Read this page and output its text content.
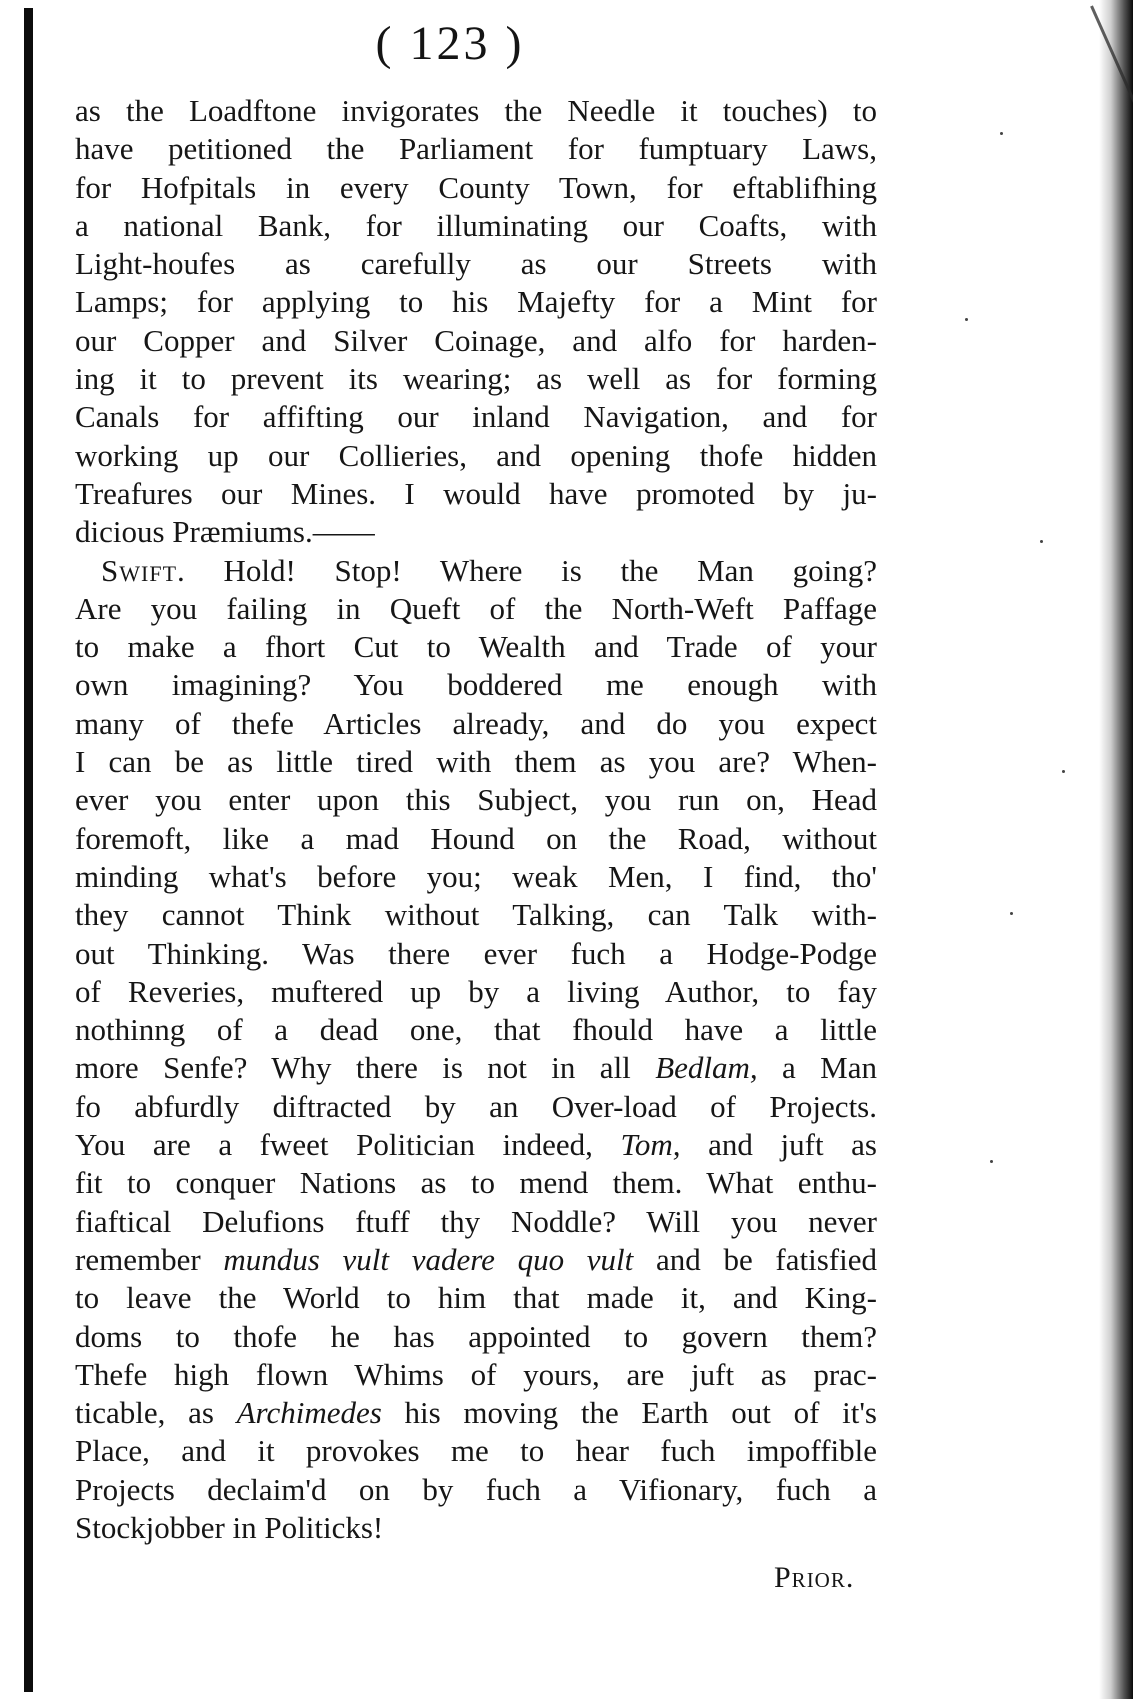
( 123 )
as the Loadftone invigorates the Needle it touches) to
have petitioned the Parliament for fumptuary Laws,
for Hofpitals in every County Town, for eftablifhing
a national Bank, for illuminating our Coafts, with
Light-houfes as carefully as our Streets with
Lamps; for applying to his Majefty for a Mint for
our Copper and Silver Coinage, and alfo for harden-
ing it to prevent its wearing; as well as for forming
Canals for affifting our inland Navigation, and for
working up our Collieries, and opening thofe hidden
Treafures our Mines. I would have promoted by ju-
dicious Præmiums.——
Swift. Hold! Stop! Where is the Man going?
Are you failing in Queft of the North-Weft Paffage
to make a fhort Cut to Wealth and Trade of your
own imagining? You boddered me enough with
many of thefe Articles already, and do you expect
I can be as little tired with them as you are? When-
ever you enter upon this Subject, you run on, Head
foremoft, like a mad Hound on the Road, without
minding what's before you; weak Men, I find, tho'
they cannot Think without Talking, can Talk with-
out Thinking. Was there ever fuch a Hodge-Podge
of Reveries, muftered up by a living Author, to fay
nothinng of a dead one, that fhould have a little
more Senfe? Why there is not in all Bedlam, a Man
fo abfurdly diftracted by an Over-load of Projects.
You are a fweet Politician indeed, Tom, and juft as
fit to conquer Nations as to mend them. What enthu-
fiaftical Delufions ftuff thy Noddle? Will you never
remember mundus vult vadere quo vult and be fatisfied
to leave the World to him that made it, and King-
doms to thofe he has appointed to govern them?
Thefe high flown Whims of yours, are juft as prac-
ticable, as Archimedes his moving the Earth out of it's
Place, and it provokes me to hear fuch impoffible
Projects declaim'd on by fuch a Vifionary, fuch a
Stockjobber in Politicks!
Prior.
